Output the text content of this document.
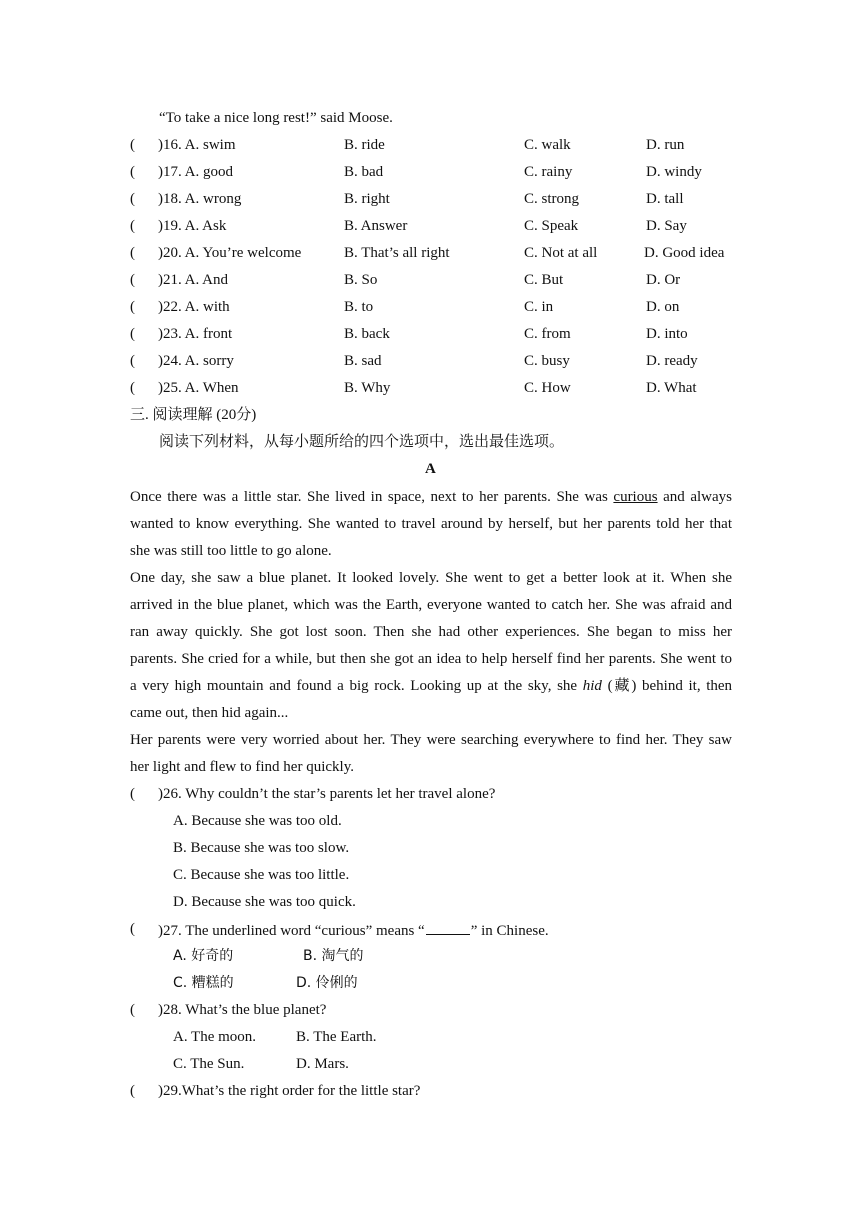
“To take a nice long rest!” said Moose.
( )16. A. swim	B. ride	C. walk	D. run
( )17. A. good	B. bad	C. rainy	D. windy
( )18. A. wrong	B. right	C. strong	D. tall
( )19. A. Ask	B. Answer	C. Speak	D. Say
( )20. A. You’re welcome	B. That’s all right	C. Not at all	D. Good idea
( )21. A. And	B. So	C. But	D. Or
( )22. A. with	B. to	C. in	D. on
( )23. A. front	B. back	C. from	D. into
( )24. A. sorry	B. sad	C. busy	D. ready
( )25. A. When	B. Why	C. How	D. What
三. 阅读理解 (20分)
阅读下列材料，从每小题所给的四个选项中，选出最佳选项。
A
Once there was a little star. She lived in space, next to her parents. She was curious and always
wanted to know everything. She wanted to travel around by herself, but her parents told her that
she was still too little to go alone.
One day, she saw a blue planet. It looked lovely. She went to get a better look at it. When she
arrived in the blue planet, which was the Earth, everyone wanted to catch her. She was afraid and
ran away quickly. She got lost soon. Then she had other experiences. She began to miss her
parents. She cried for a while, but then she got an idea to help herself find her parents. She went to
a very high mountain and found a big rock. Looking up at the sky, she hid (藏) behind it, then
came out, then hid again...
Her parents were very worried about her. They were searching everywhere to find her. They saw
her light and flew to find her quickly.
( )26. Why couldn’t the star’s parents let her travel alone?
A. Because she was too old.
B. Because she was too slow.
C. Because she was too little.
D. Because she was too quick.
( )27. The underlined word “curious” means “	” in Chinese.
A. 好奇的	B. 淘气的
C. 糟糕的	D. 伶俐的
( )28. What’s the blue planet?
A. The moon.	B. The Earth.
C. The Sun.	D. Mars.
( )29.What’s the right order for the little star?
